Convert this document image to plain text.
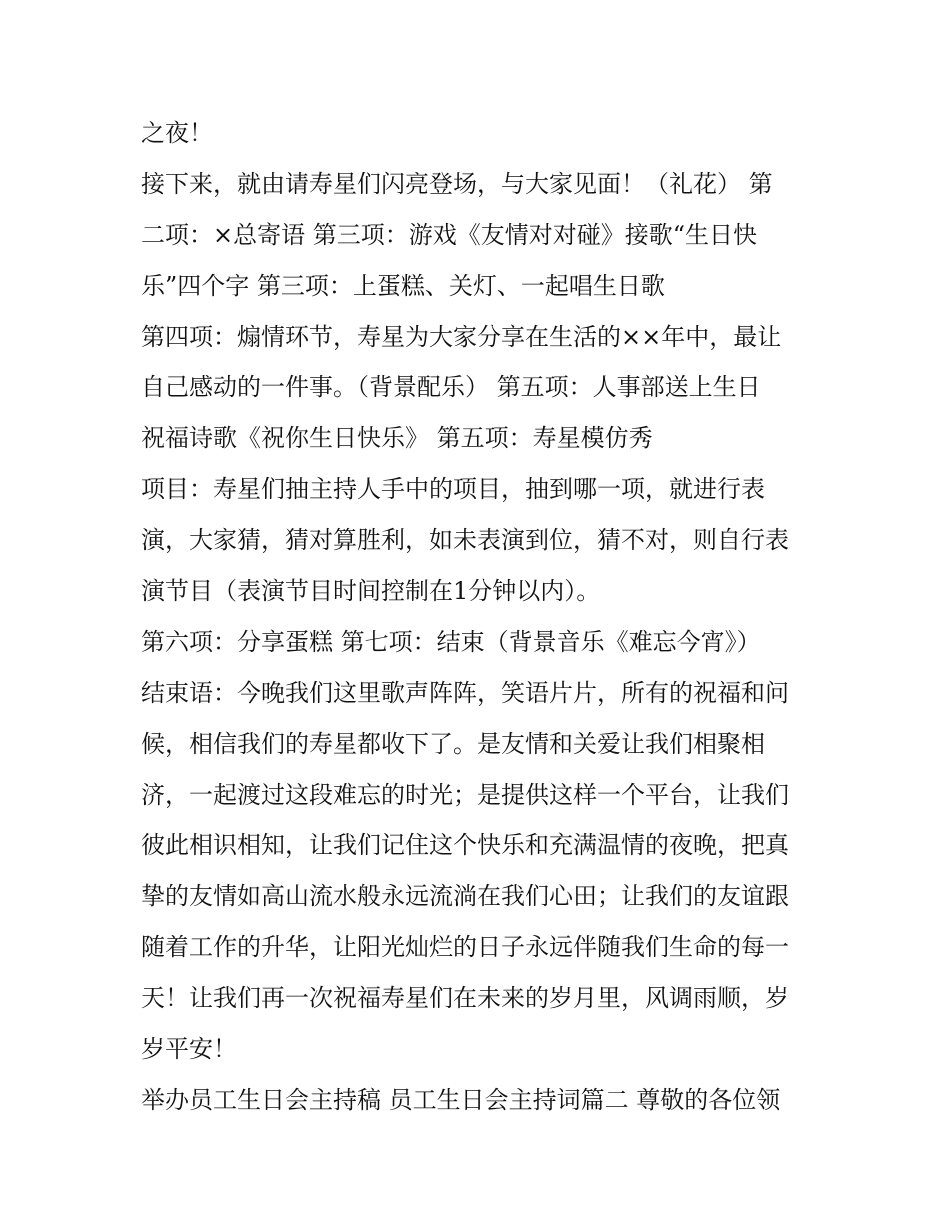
之夜！
接下来，就由请寿星们闪亮登场，与大家见面！（礼花） 第
二项：×总寄语 第三项：游戏《友情对对碰》接歌“生日快
乐”四个字 第三项：上蛋糕、关灯、一起唱生日歌
第四项：煽情环节，寿星为大家分享在生活的××年中，最让
自己感动的一件事。（背景配乐） 第五项：人事部送上生日
祝福诗歌《祝你生日快乐》 第五项：寿星模仿秀
项目：寿星们抽主持人手中的项目，抽到哪一项，就进行表
演，大家猜，猜对算胜利，如未表演到位，猜不对，则自行表
演节目（表演节目时间控制在1分钟以内）。
第六项：分享蛋糕 第七项：结束（背景音乐《难忘今宵》）
结束语：今晚我们这里歌声阵阵，笑语片片，所有的祝福和问
候，相信我们的寿星都收下了。是友情和关爱让我们相聚相
济，一起渡过这段难忘的时光；是提供这样一个平台，让我们
彼此相识相知，让我们记住这个快乐和充满温情的夜晚，把真
挚的友情如高山流水般永远流淌在我们心田；让我们的友谊跟
随着工作的升华，让阳光灿烂的日子永远伴随我们生命的每一
天！让我们再一次祝福寿星们在未来的岁月里，风调雨顺，岁
岁平安！
举办员工生日会主持稿 员工生日会主持词篇二 尊敬的各位领
